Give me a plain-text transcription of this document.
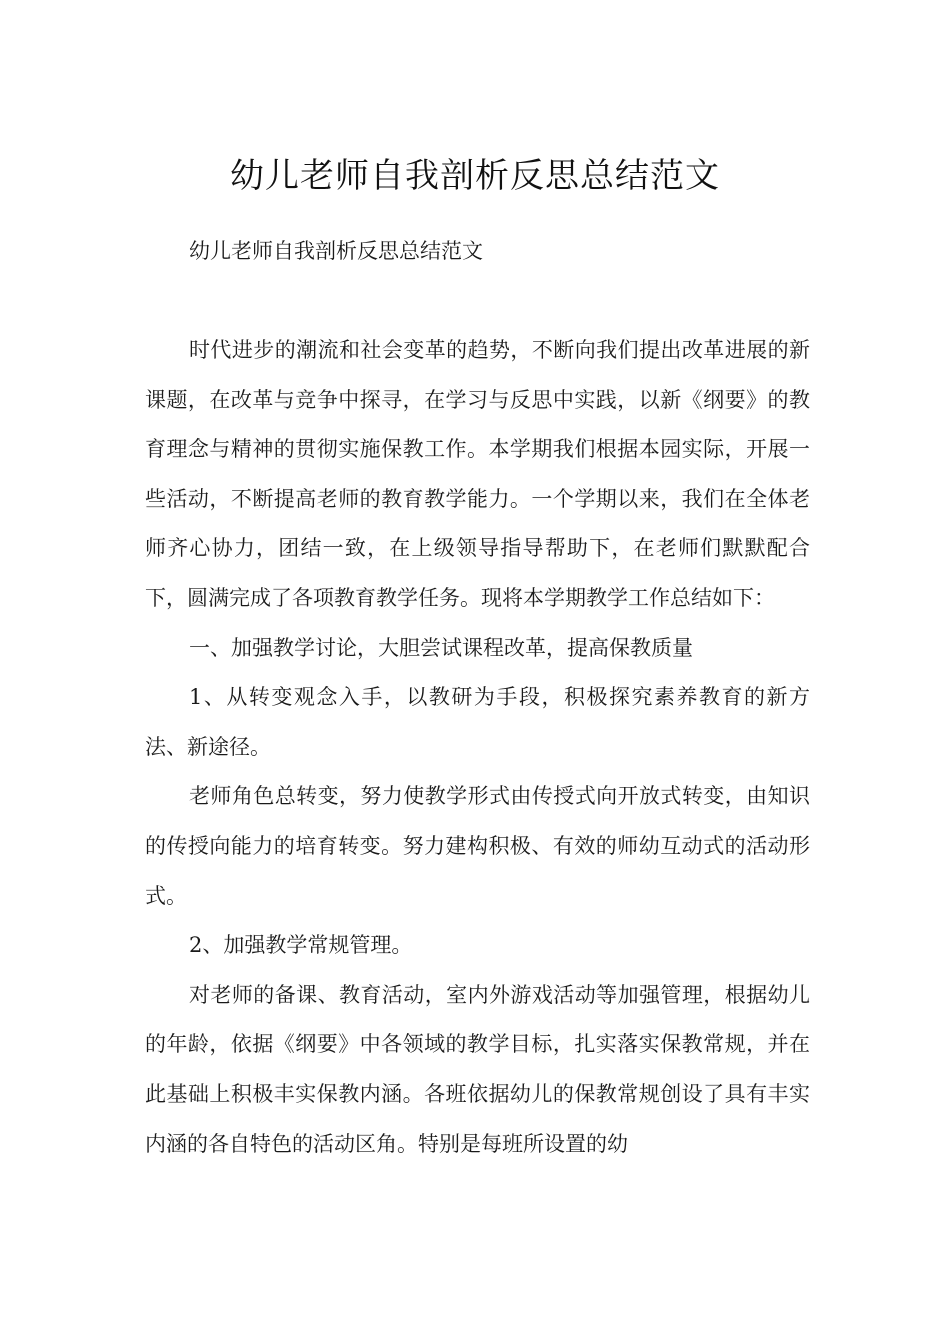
幼儿老师自我剖析反思总结范文

幼儿老师自我剖析反思总结范文

时代进步的潮流和社会变革的趋势，不断向我们提出改革进展的新课题，在改革与竞争中探寻，在学习与反思中实践，以新《纲要》的教育理念与精神的贯彻实施保教工作。本学期我们根据本园实际，开展一些活动，不断提高老师的教育教学能力。一个学期以来，我们在全体老师齐心协力，团结一致，在上级领导指导帮助下，在老师们默默配合下，圆满完成了各项教育教学任务。现将本学期教学工作总结如下：

一、加强教学讨论，大胆尝试课程改革，提高保教质量

1、从转变观念入手，以教研为手段，积极探究素养教育的新方法、新途径。

老师角色总转变，努力使教学形式由传授式向开放式转变，由知识的传授向能力的培育转变。努力建构积极、有效的师幼互动式的活动形式。

2、加强教学常规管理。

对老师的备课、教育活动，室内外游戏活动等加强管理，根据幼儿的年龄，依据《纲要》中各领域的教学目标，扎实落实保教常规，并在此基础上积极丰实保教内涵。各班依据幼儿的保教常规创设了具有丰实内涵的各自特色的活动区角。特别是每班所设置的幼
